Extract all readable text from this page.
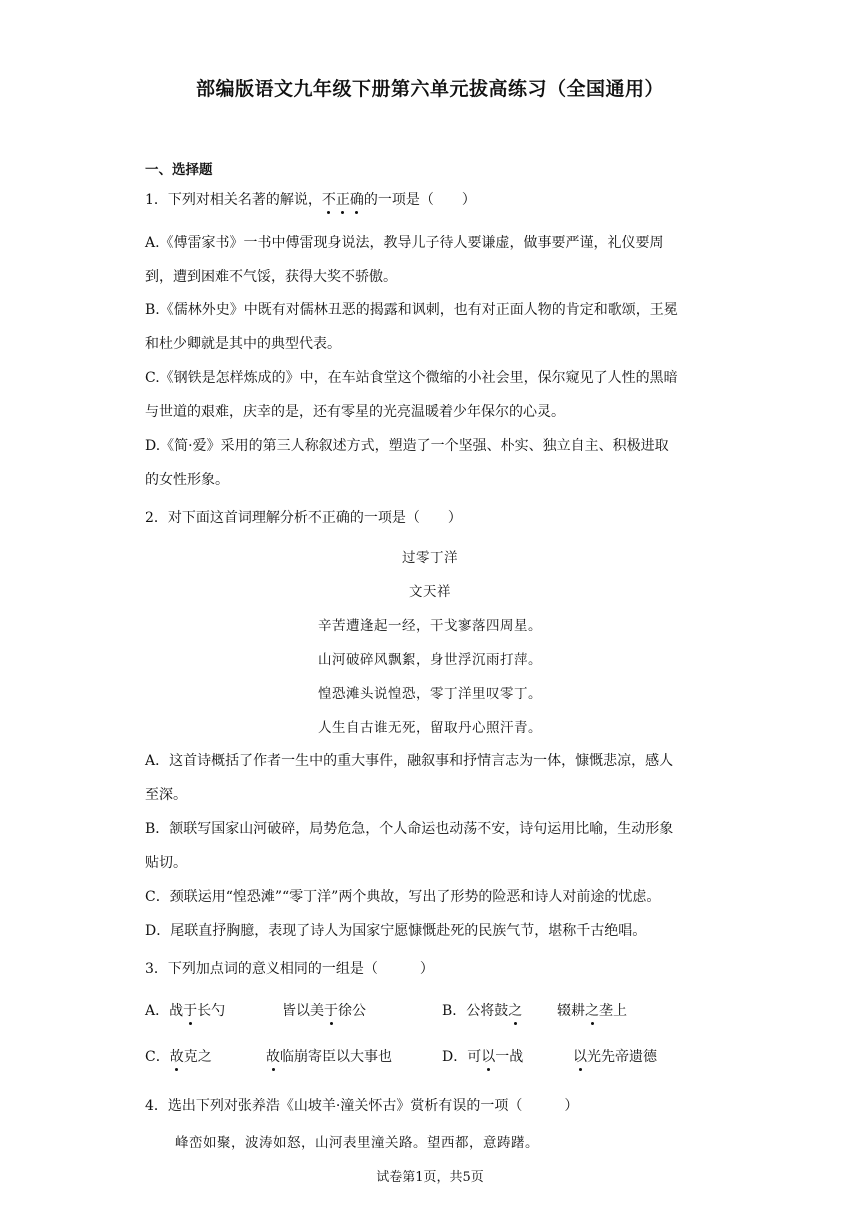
部编版语文九年级下册第六单元拔高练习（全国通用）
一、选择题
1．下列对相关名著的解说，不正确的一项是（　　）
A.《傅雷家书》一书中傅雷现身说法，教导儿子待人要谦虚，做事要严谨，礼仪要周
到，遭到困难不气馁，获得大奖不骄傲。
B.《儒林外史》中既有对儒林丑恶的揭露和讽刺，也有对正面人物的肯定和歌颂，王冕
和杜少卿就是其中的典型代表。
C.《钢铁是怎样炼成的》中，在车站食堂这个微缩的小社会里，保尔窥见了人性的黑暗
与世道的艰难，庆幸的是，还有零星的光亮温暖着少年保尔的心灵。
D.《简·爱》采用的第三人称叙述方式，塑造了一个坚强、朴实、独立自主、积极进取
的女性形象。
2．对下面这首词理解分析不正确的一项是（　　）
过零丁洋
文天祥
辛苦遭逢起一经，干戈寥落四周星。
山河破碎风飘絮，身世浮沉雨打萍。
惶恐滩头说惶恐，零丁洋里叹零丁。
人生自古谁无死，留取丹心照汗青。
A．这首诗概括了作者一生中的重大事件，融叙事和抒情言志为一体，慷慨悲凉，感人
至深。
B．颔联写国家山河破碎，局势危急，个人命运也动荡不安，诗句运用比喻，生动形象
贴切。
C．颈联运用“惶恐滩”“零丁洋”两个典故，写出了形势的险恶和诗人对前途的忧虑。
D．尾联直抒胸臆，表现了诗人为国家宁愿慷慨赴死的民族气节，堪称千古绝唱。
3．下列加点词的意义相同的一组是（　　　）
A．战于长勺	皆以美于徐公	B．公将鼓之 辍耕之垄上
C．故克之	故临崩寄臣以大事也	D．可以一战	以光先帝遗德
4．选出下列对张养浩《山坡羊·潼关怀古》赏析有误的一项（　　　）
峰峦如聚，波涛如怒，山河表里潼关路。望西都，意踌躇。
试卷第1页，共5页
